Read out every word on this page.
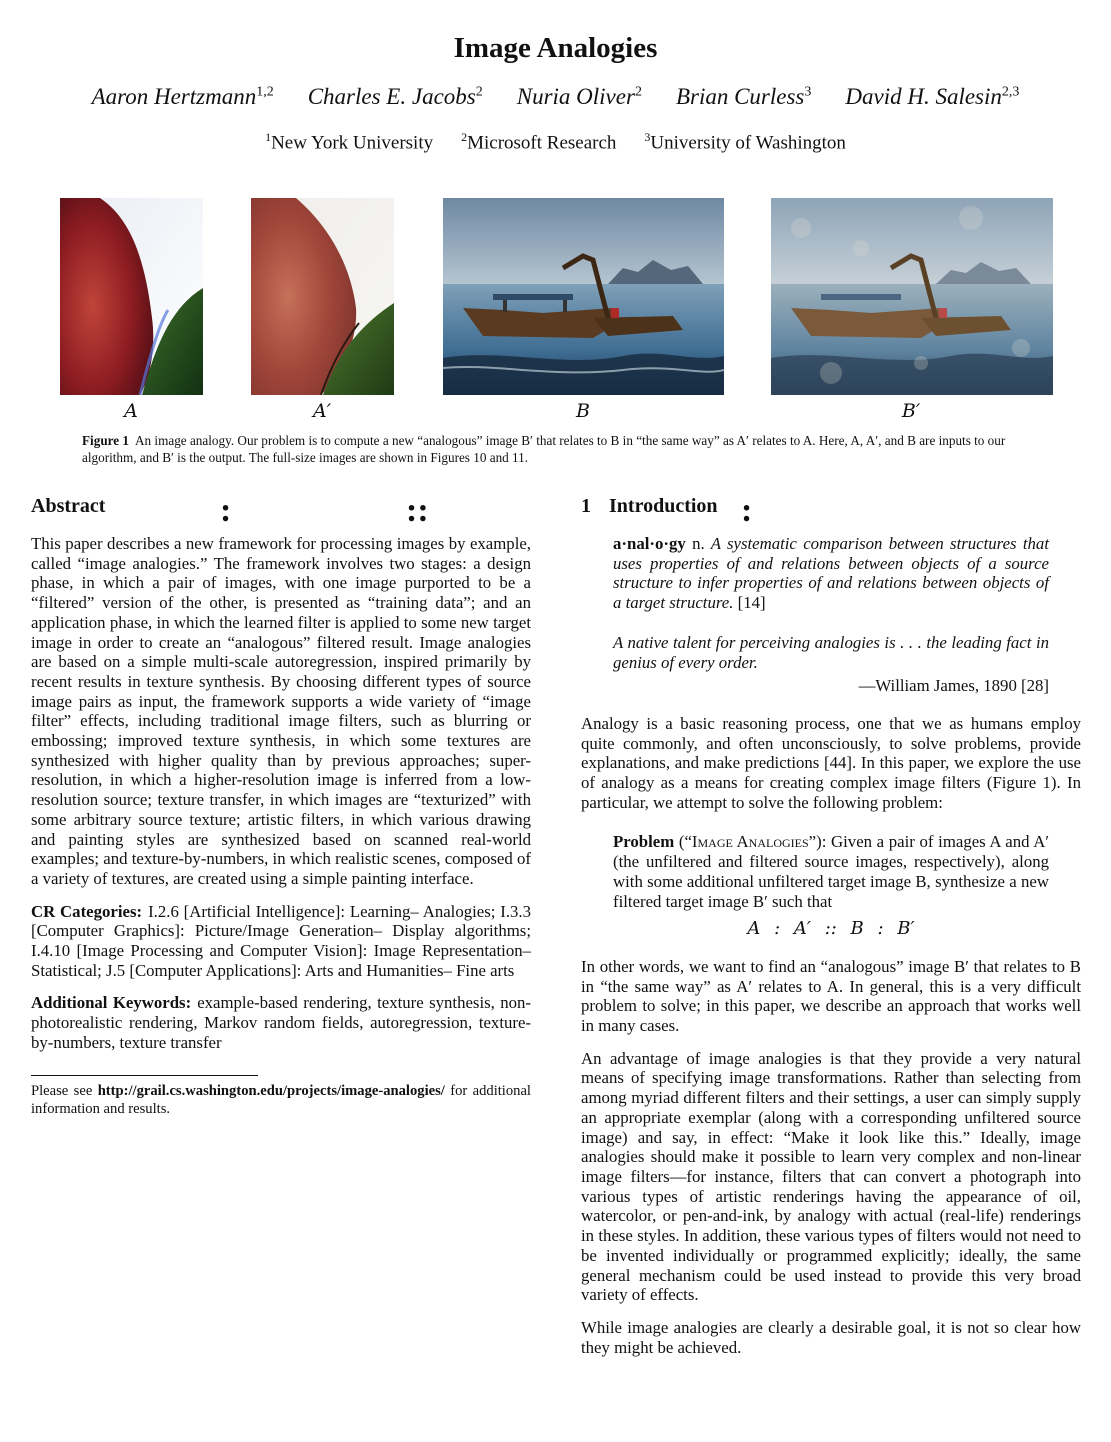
Image Analogies
Aaron Hertzmann$^{1,2}$ Charles E. Jacobs$^2$ Nuria Oliver$^2$ Brian Curless$^3$ David H. Salesin$^{2,3}$
$^1$New York University $^2$Microsoft Research $^3$University of Washington
:	::	:
A	A′	B	B′
Figure 1 An image analogy. Our problem is to compute a new “analogous” image B′ that relates to B in “the same way” as A′ relates to A. Here, A, A′, and B are inputs to our algorithm, and B′ is the output. The full-size images are shown in Figures 10 and 11.
Abstract

This paper describes a new framework for processing images by example, called “image analogies.” The framework involves two stages: a design phase, in which a pair of images, with one image purported to be a “filtered” version of the other, is presented as “training data”; and an application phase, in which the learned filter is applied to some new target image in order to create an “analogous” filtered result. Image analogies are based on a simple multi-scale autoregression, inspired primarily by recent results in texture synthesis. By choosing different types of source image pairs as input, the framework supports a wide variety of “image filter” effects, including traditional image filters, such as blurring or embossing; improved texture synthesis, in which some textures are synthesized with higher quality than by previous approaches; super-resolution, in which a higher-resolution image is inferred from a low-resolution source; texture transfer, in which images are “texturized” with some arbitrary source texture; artistic filters, in which various drawing and painting styles are synthesized based on scanned real-world examples; and texture-by-numbers, in which realistic scenes, composed of a variety of textures, are created using a simple painting interface.

CR Categories: I.2.6 [Artificial Intelligence]: Learning– Analogies; I.3.3 [Computer Graphics]: Picture/Image Generation– Display algorithms; I.4.10 [Image Processing and Computer Vision]: Image Representation– Statistical; J.5 [Computer Applications]: Arts and Humanities– Fine arts

Additional Keywords: example-based rendering, texture synthesis, non-photorealistic rendering, Markov random fields, autoregression, texture-by-numbers, texture transfer

Please see http://grail.cs.washington.edu/projects/image-analogies/ for additional information and results.
1 Introduction

a·nal·o·gy n. A systematic comparison between structures that uses properties of and relations between objects of a source structure to infer properties of and relations between objects of a target structure. [14]

A native talent for perceiving analogies is . . . the leading fact in genius of every order.

—William James, 1890 [28]

Analogy is a basic reasoning process, one that we as humans employ quite commonly, and often unconsciously, to solve problems, provide explanations, and make predictions [44]. In this paper, we explore the use of analogy as a means for creating complex image filters (Figure 1). In particular, we attempt to solve the following problem:

Problem (“Image Analogies”): Given a pair of images A and A′ (the unfiltered and filtered source images, respectively), along with some additional unfiltered target image B, synthesize a new filtered target image B′ such that

A : A′ :: B : B′

In other words, we want to find an “analogous” image B′ that relates to B in “the same way” as A′ relates to A. In general, this is a very difficult problem to solve; in this paper, we describe an approach that works well in many cases.

An advantage of image analogies is that they provide a very natural means of specifying image transformations. Rather than selecting from among myriad different filters and their settings, a user can simply supply an appropriate exemplar (along with a corresponding unfiltered source image) and say, in effect: “Make it look like this.” Ideally, image analogies should make it possible to learn very complex and non-linear image filters—for instance, filters that can convert a photograph into various types of artistic renderings having the appearance of oil, watercolor, or pen-and-ink, by analogy with actual (real-life) renderings in these styles. In addition, these various types of filters would not need to be invented individually or programmed explicitly; ideally, the same general mechanism could be used instead to provide this very broad variety of effects.

While image analogies are clearly a desirable goal, it is not so clear how they might be achieved.
